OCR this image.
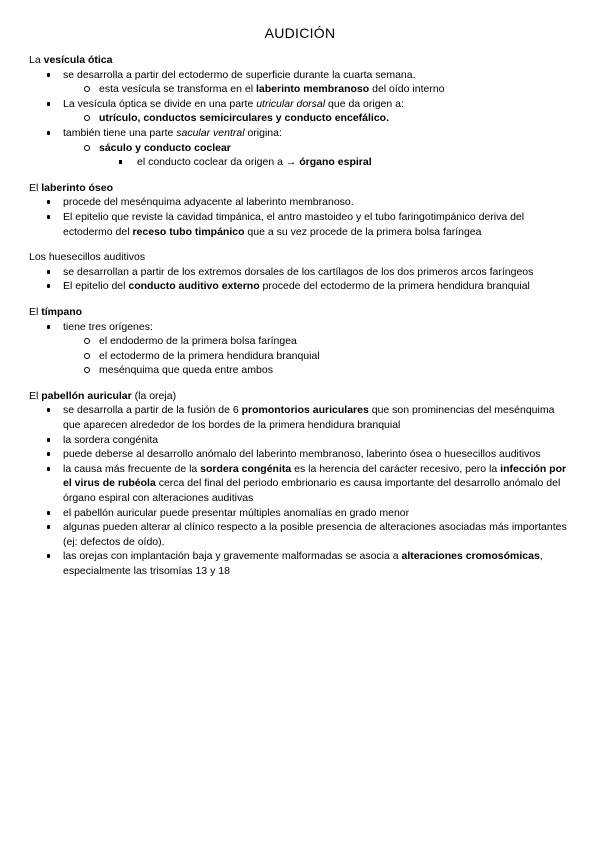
AUDICIÓN
La vesícula ótica
se desarrolla a partir del ectodermo de superficie durante la cuarta semana.
esta vesícula se transforma en el laberinto membranoso del oído interno
La vesícula óptica se divide en una parte utricular dorsal que da origen a:
utrículo, conductos semicirculares y conducto encefálico.
también tiene una parte sacular ventral origina:
sáculo y conducto coclear
el conducto coclear da origen a → órgano espiral
El laberinto óseo
procede del mesénquima adyacente al laberinto membranoso.
El epitelio que reviste la cavidad timpánica, el antro mastoideo y el tubo faringotimpánico deriva del ectodermo del receso tubo timpánico que a su vez procede de la primera bolsa faríngea
Los huesecillos auditivos
se desarrollan a partir de los extremos dorsales de los cartílagos de los dos primeros arcos faríngeos
El epitelio del conducto auditivo externo procede del ectodermo de la primera hendidura branquial
El tímpano
tiene tres orígenes:
el endodermo de la primera bolsa faríngea
el ectodermo de la primera hendidura branquial
mesénquima que queda entre ambos
El pabellón auricular (la oreja)
se desarrolla a partir de la fusión de 6 promontorios auriculares que son prominencias del mesénquima que aparecen alrededor de los bordes de la primera hendidura branquial
la sordera congénita
puede deberse al desarrollo anómalo del laberinto membranoso, laberinto ósea o huesecillos auditivos
la causa más frecuente de la sordera congénita es la herencia del carácter recesivo, pero la infección por el virus de rubéola cerca del final del periodo embrionario es causa importante del desarrollo anómalo del órgano espiral con alteraciones auditivas
el pabellón auricular puede presentar múltiples anomalías en grado menor
algunas pueden alterar al clínico respecto a la posible presencia de alteraciones asociadas más importantes (ej: defectos de oído).
las orejas con implantación baja y gravemente malformadas se asocia a alteraciones cromosómicas, especialmente las trisomías 13 y 18
